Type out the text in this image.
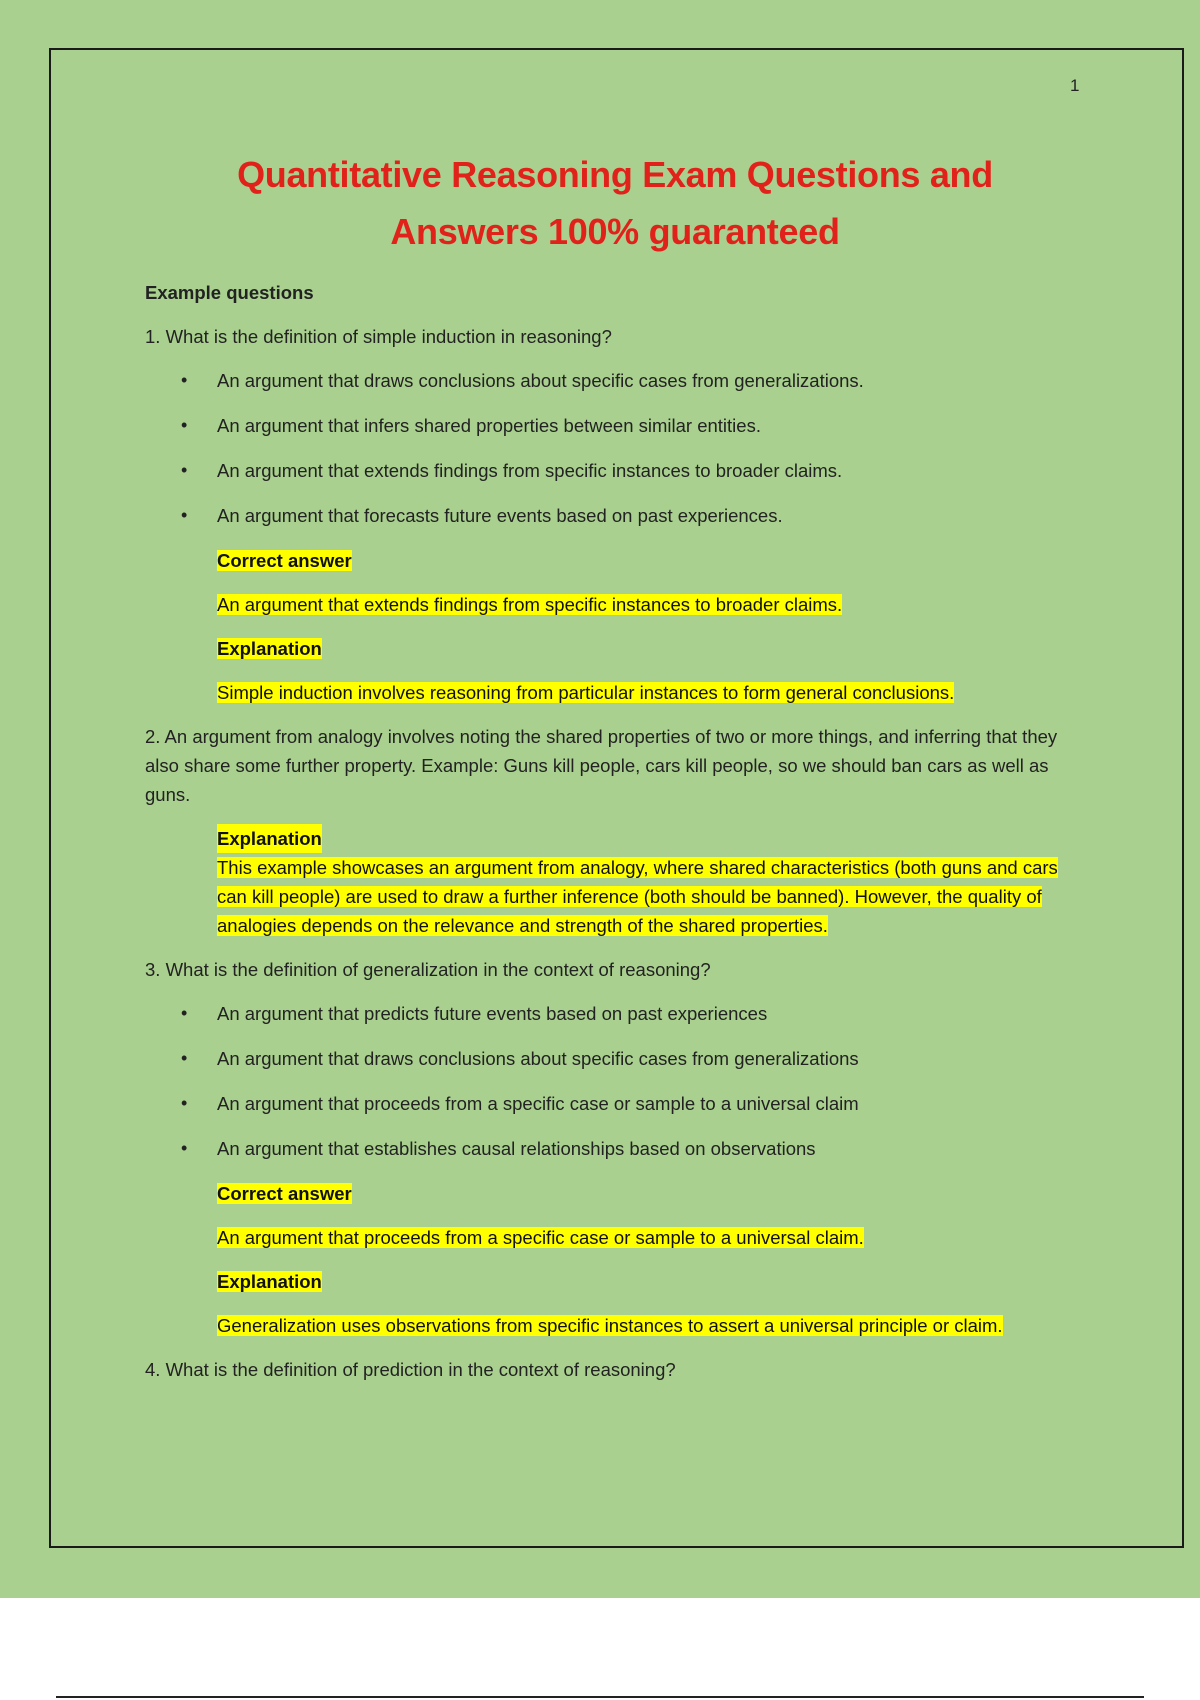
1
Quantitative Reasoning Exam Questions and
Answers 100% guaranteed
Example questions
1. What is the definition of simple induction in reasoning?
• An argument that draws conclusions about specific cases from generalizations.
• An argument that infers shared properties between similar entities.
• An argument that extends findings from specific instances to broader claims.
• An argument that forecasts future events based on past experiences.
Correct answer
An argument that extends findings from specific instances to broader claims.
Explanation
Simple induction involves reasoning from particular instances to form general conclusions.
2. An argument from analogy involves noting the shared properties of two or more things, and inferring that they also share some further property. Example: Guns kill people, cars kill people, so we should ban cars as well as guns.
Explanation
This example showcases an argument from analogy, where shared characteristics (both guns and cars can kill people) are used to draw a further inference (both should be banned). However, the quality of analogies depends on the relevance and strength of the shared properties.
3. What is the definition of generalization in the context of reasoning?
• An argument that predicts future events based on past experiences
• An argument that draws conclusions about specific cases from generalizations
• An argument that proceeds from a specific case or sample to a universal claim
• An argument that establishes causal relationships based on observations
Correct answer
An argument that proceeds from a specific case or sample to a universal claim.
Explanation
Generalization uses observations from specific instances to assert a universal principle or claim.
4. What is the definition of prediction in the context of reasoning?
